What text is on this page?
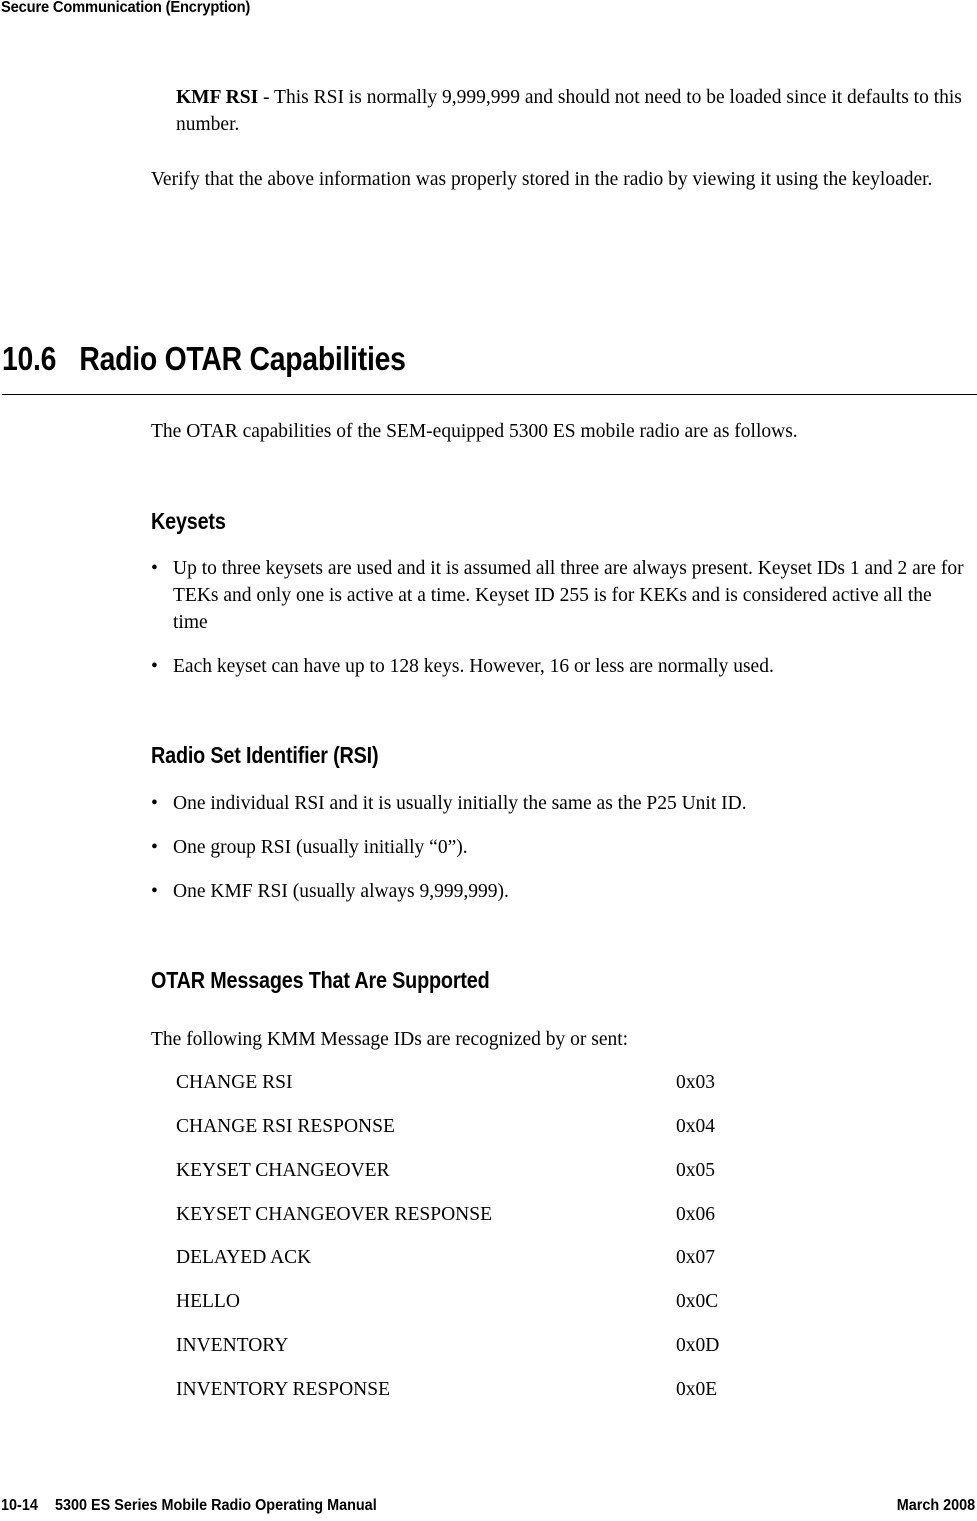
Secure Communication (Encryption)
KMF RSI - This RSI is normally 9,999,999 and should not need to be loaded since it defaults to this number.
Verify that the above information was properly stored in the radio by viewing it using the keyloader.
10.6 Radio OTAR Capabilities
The OTAR capabilities of the SEM-equipped 5300 ES mobile radio are as follows.
Keysets
• Up to three keysets are used and it is assumed all three are always present. Keyset IDs 1 and 2 are for TEKs and only one is active at a time. Keyset ID 255 is for KEKs and is considered active all the time
• Each keyset can have up to 128 keys. However, 16 or less are normally used.
Radio Set Identifier (RSI)
• One individual RSI and it is usually initially the same as the P25 Unit ID.
• One group RSI (usually initially “0”).
• One KMF RSI (usually always 9,999,999).
OTAR Messages That Are Supported
The following KMM Message IDs are recognized by or sent:
CHANGE RSI	0x03
CHANGE RSI RESPONSE	0x04
KEYSET CHANGEOVER	0x05
KEYSET CHANGEOVER RESPONSE	0x06
DELAYED ACK	0x07
HELLO	0x0C
INVENTORY	0x0D
INVENTORY RESPONSE	0x0E
10-14 5300 ES Series Mobile Radio Operating Manual	March 2008
